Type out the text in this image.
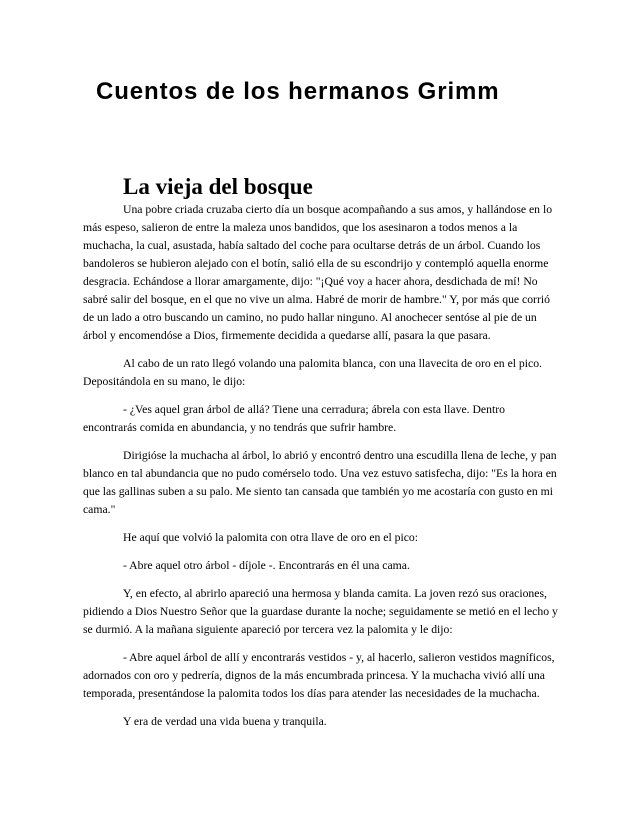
Cuentos de los hermanos Grimm
La vieja del bosque

Una pobre criada cruzaba cierto día un bosque acompañando a sus amos, y hallándose en lo más espeso, salieron de entre la maleza unos bandidos, que los asesinaron a todos menos a la muchacha, la cual, asustada, había saltado del coche para ocultarse detrás de un árbol. Cuando los bandoleros se hubieron alejado con el botín, salió ella de su escondrijo y contempló aquella enorme desgracia. Echándose a llorar amargamente, dijo: "¡Qué voy a hacer ahora, desdichada de mí! No sabré salir del bosque, en el que no vive un alma. Habré de morir de hambre." Y, por más que corrió de un lado a otro buscando un camino, no pudo hallar ninguno. Al anochecer sentóse al pie de un árbol y encomendóse a Dios, firmemente decidida a quedarse allí, pasara la que pasara.

Al cabo de un rato llegó volando una palomita blanca, con una llavecita de oro en el pico. Depositándola en su mano, le dijo:

- ¿Ves aquel gran árbol de allá? Tiene una cerradura; ábrela con esta llave. Dentro encontrarás comida en abundancia, y no tendrás que sufrir hambre.

Dirigióse la muchacha al árbol, lo abrió y encontró dentro una escudilla llena de leche, y pan blanco en tal abundancia que no pudo comérselo todo. Una vez estuvo satisfecha, dijo: "Es la hora en que las gallinas suben a su palo. Me siento tan cansada que también yo me acostaría con gusto en mi cama."

He aquí que volvió la palomita con otra llave de oro en el pico:

- Abre aquel otro árbol - díjole -. Encontrarás en él una cama.

Y, en efecto, al abrirlo apareció una hermosa y blanda camita. La joven rezó sus oraciones, pidiendo a Dios Nuestro Señor que la guardase durante la noche; seguidamente se metió en el lecho y se durmió. A la mañana siguiente apareció por tercera vez la palomita y le dijo:

- Abre aquel árbol de allí y encontrarás vestidos - y, al hacerlo, salieron vestidos magníficos, adornados con oro y pedrería, dignos de la más encumbrada princesa. Y la muchacha vivió allí una temporada, presentándose la palomita todos los días para atender las necesidades de la muchacha.

Y era de verdad una vida buena y tranquila.
